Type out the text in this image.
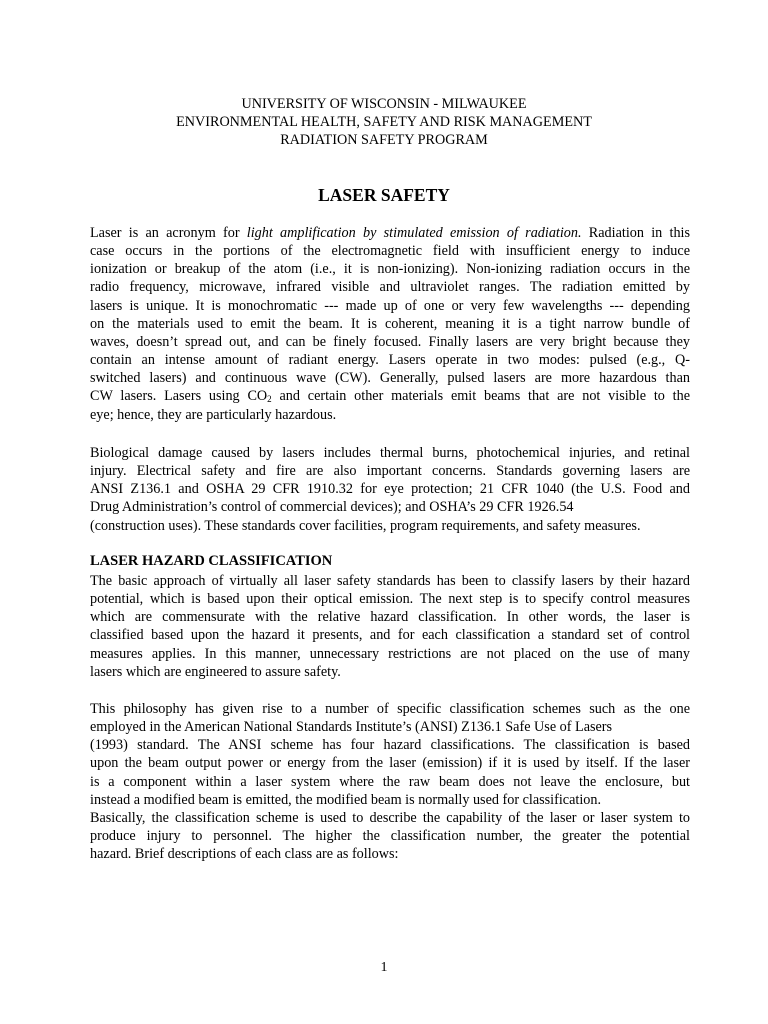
UNIVERSITY OF WISCONSIN - MILWAUKEE
ENVIRONMENTAL HEALTH, SAFETY AND RISK MANAGEMENT
RADIATION SAFETY PROGRAM
LASER SAFETY
Laser is an acronym for light amplification by stimulated emission of radiation. Radiation in this
case occurs in the portions of the electromagnetic field with insufficient energy to induce
ionization or breakup of the atom (i.e., it is non-ionizing). Non-ionizing radiation occurs in the
radio frequency, microwave, infrared visible and ultraviolet ranges. The radiation emitted by
lasers is unique. It is monochromatic --- made up of one or very few wavelengths --- depending
on the materials used to emit the beam. It is coherent, meaning it is a tight narrow bundle of
waves, doesn’t spread out, and can be finely focused. Finally lasers are very bright because they
contain an intense amount of radiant energy. Lasers operate in two modes: pulsed (e.g., Q-
switched lasers) and continuous wave (CW). Generally, pulsed lasers are more hazardous than
CW lasers. Lasers using $CO_2$ and certain other materials emit beams that are not visible to the
eye; hence, they are particularly hazardous.
Biological damage caused by lasers includes thermal burns, photochemical injuries, and retinal
injury. Electrical safety and fire are also important concerns. Standards governing lasers are
ANSI Z136.1 and OSHA 29 CFR 1910.32 for eye protection; 21 CFR 1040 (the U.S. Food and
Drug Administration’s control of commercial devices); and OSHA’s 29 CFR 1926.54
(construction uses). These standards cover facilities, program requirements, and safety measures.
LASER HAZARD CLASSIFICATION
The basic approach of virtually all laser safety standards has been to classify lasers by their hazard
potential, which is based upon their optical emission. The next step is to specify control measures
which are commensurate with the relative hazard classification. In other words, the laser is
classified based upon the hazard it presents, and for each classification a standard set of control
measures applies. In this manner, unnecessary restrictions are not placed on the use of many
lasers which are engineered to assure safety.
This philosophy has given rise to a number of specific classification schemes such as the one
employed in the American National Standards Institute’s (ANSI) Z136.1 Safe Use of Lasers
(1993) standard. The ANSI scheme has four hazard classifications. The classification is based
upon the beam output power or energy from the laser (emission) if it is used by itself. If the laser
is a component within a laser system where the raw beam does not leave the enclosure, but
instead a modified beam is emitted, the modified beam is normally used for classification.
Basically, the classification scheme is used to describe the capability of the laser or laser system to
produce injury to personnel. The higher the classification number, the greater the potential
hazard. Brief descriptions of each class are as follows:
1
